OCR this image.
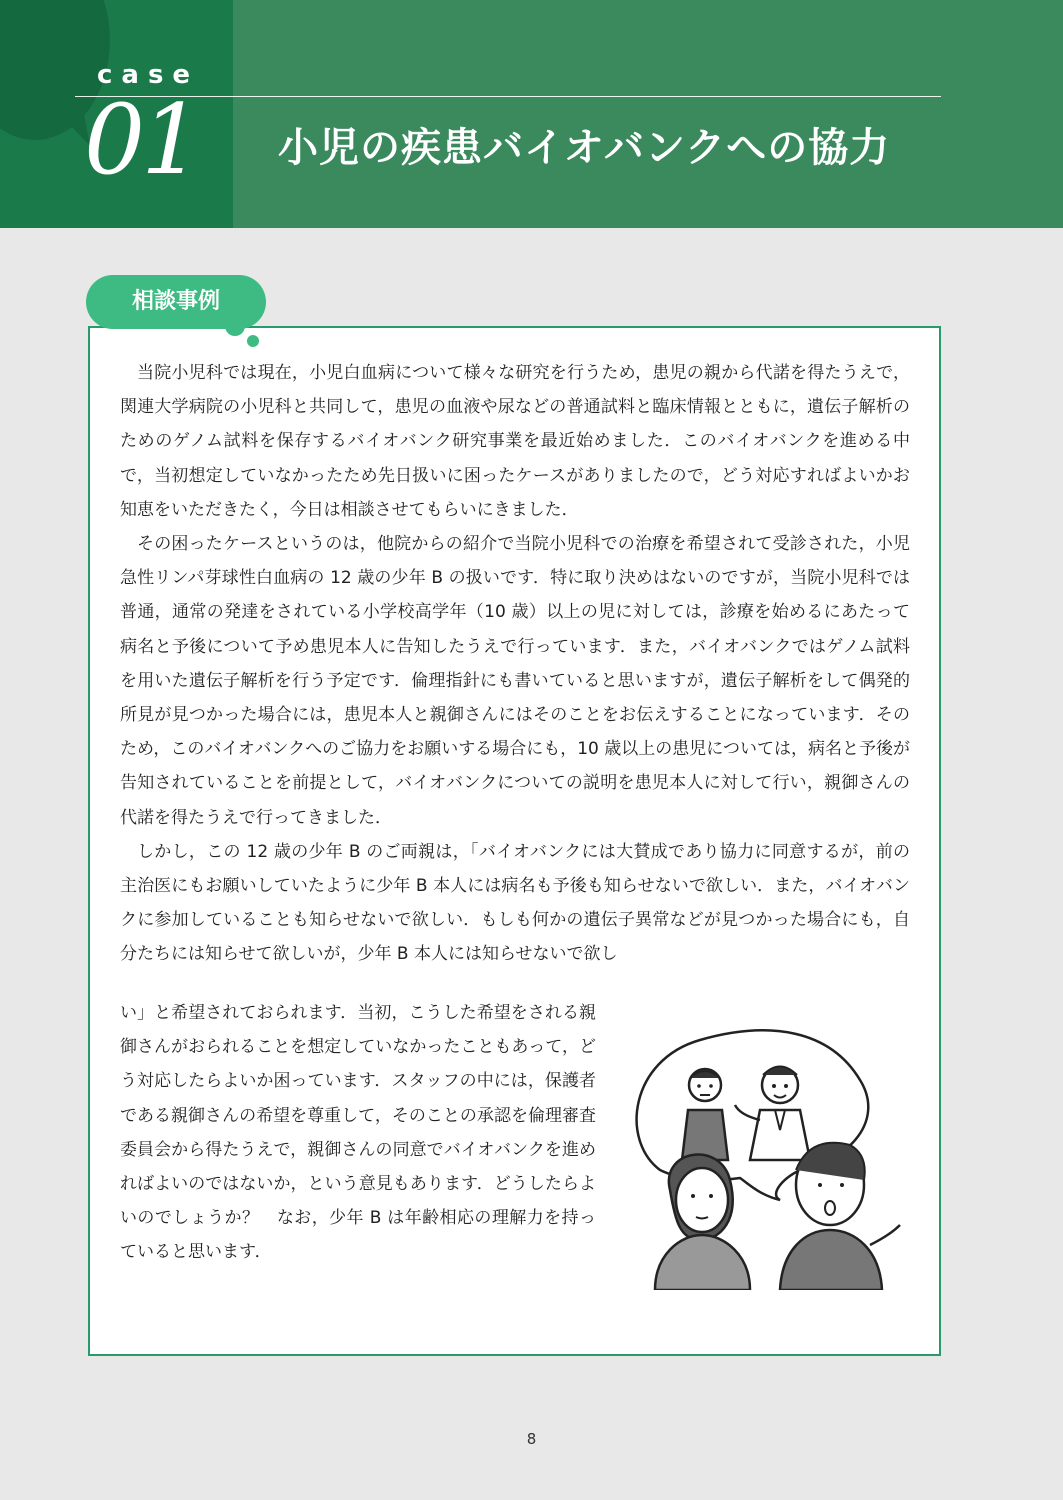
case
01 小児の疾患バイオバンクへの協力
相談事例

当院小児科では現在，小児白血病について様々な研究を行うため，患児の親から代諾を得たうえで，関連大学病院の小児科と共同して，患児の血液や尿などの普通試料と臨床情報とともに，遺伝子解析のためのゲノム試料を保存するバイオバンク研究事業を最近始めました．このバイオバンクを進める中で，当初想定していなかったため先日扱いに困ったケースがありましたので，どう対応すればよいかお知恵をいただきたく，今日は相談させてもらいにきました．

その困ったケースというのは，他院からの紹介で当院小児科での治療を希望されて受診された，小児急性リンパ芽球性白血病の 12 歳の少年 B の扱いです．特に取り決めはないのですが，当院小児科では普通，通常の発達をされている小学校高学年（10 歳）以上の児に対しては，診療を始めるにあたって病名と予後について予め患児本人に告知したうえで行っています．また，バイオバンクではゲノム試料を用いた遺伝子解析を行う予定です．倫理指針にも書いていると思いますが，遺伝子解析をして偶発的所見が見つかった場合には，患児本人と親御さんにはそのことをお伝えすることになっています．そのため，このバイオバンクへのご協力をお願いする場合にも，10 歳以上の患児については，病名と予後が告知されていることを前提として，バイオバンクについての説明を患児本人に対して行い，親御さんの代諾を得たうえで行ってきました．

しかし，この 12 歳の少年 B のご両親は，「バイオバンクには大賛成であり協力に同意するが，前の主治医にもお願いしていたように少年 B 本人には病名も予後も知らせないで欲しい．また，バイオバンクに参加していることも知らせないで欲しい．もしも何かの遺伝子異常などが見つかった場合にも，自分たちには知らせて欲しいが，少年 B 本人には知らせないで欲し

い」と希望されておられます．当初，こうした希望をされる親御さんがおられることを想定していなかったこともあって，どう対応したらよいか困っています．スタッフの中には，保護者である親御さんの希望を尊重して，そのことの承認を倫理審査委員会から得たうえで，親御さんの同意でバイオバンクを進めればよいのではないか，という意見もあります．どうしたらよいのでしょうか？　なお，少年 B は年齢相応の理解力を持っていると思います．
8
